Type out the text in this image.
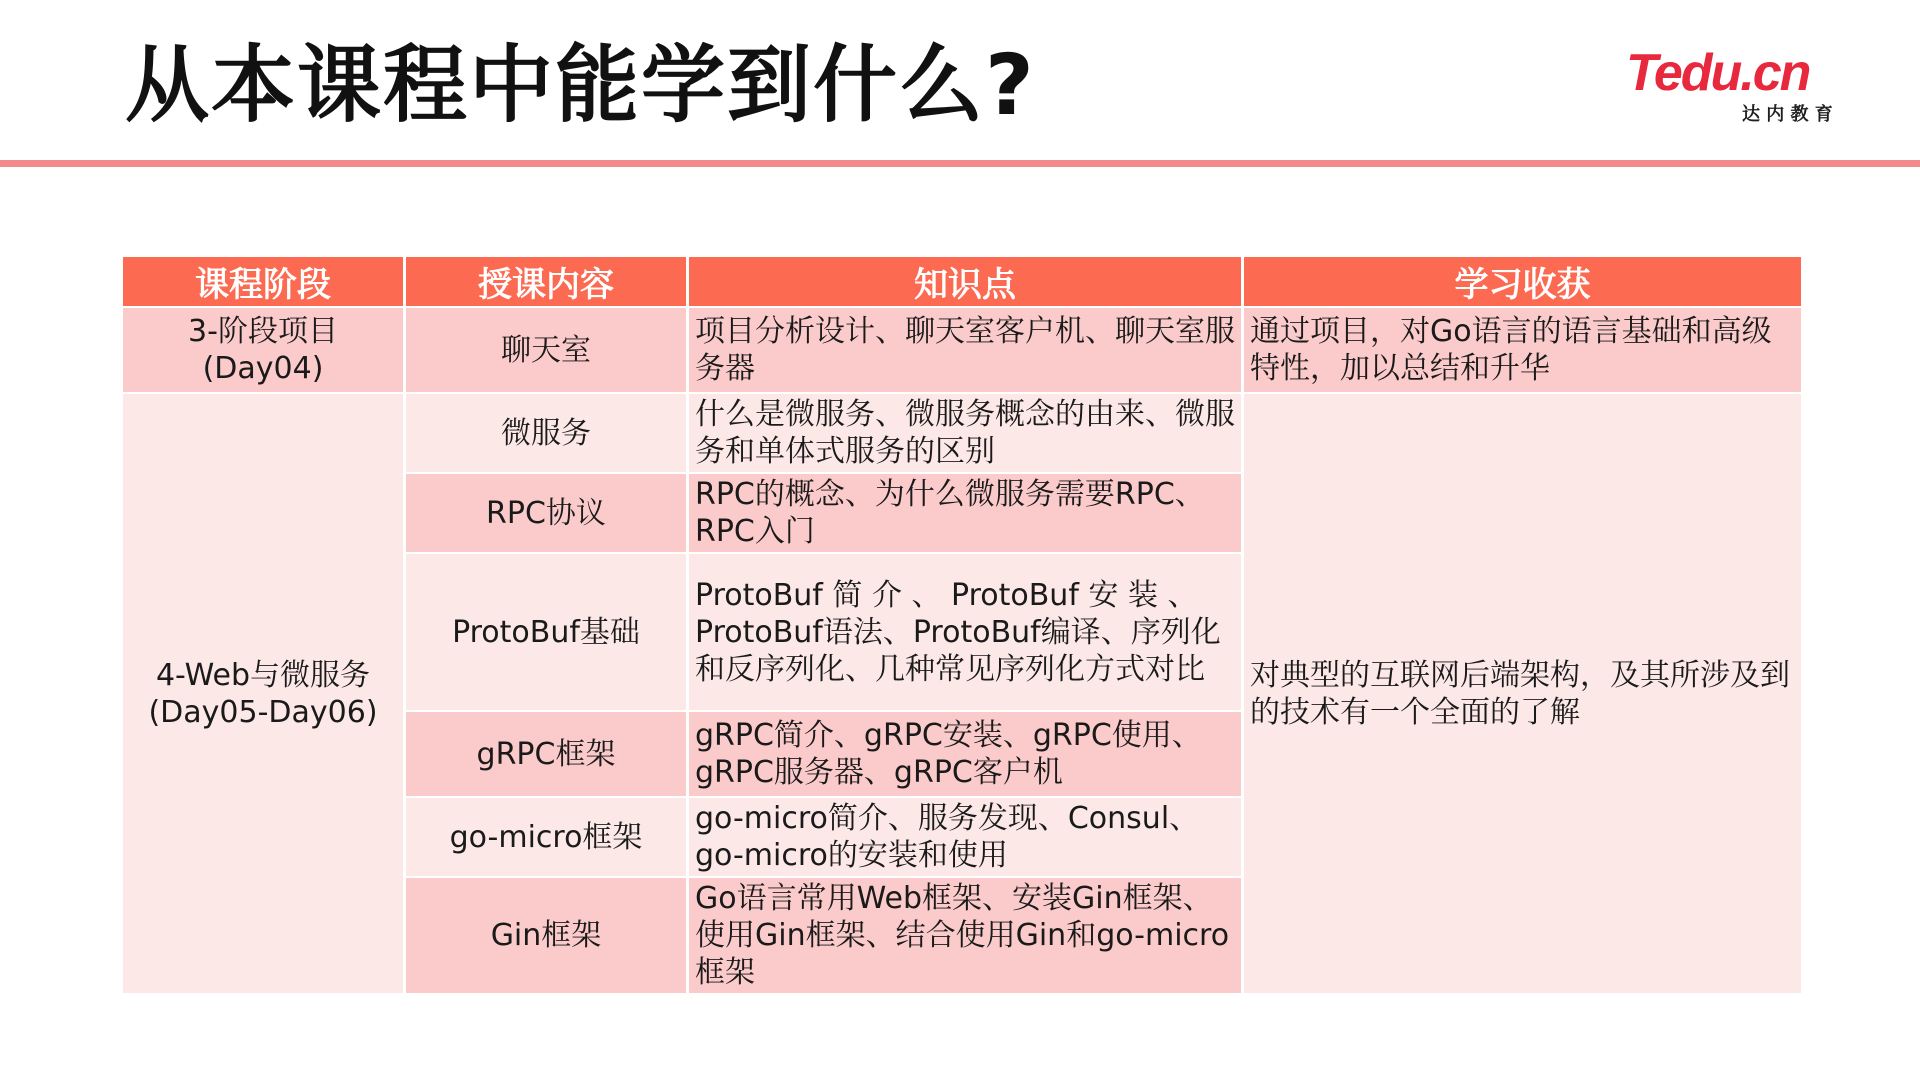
从本课程中能学到什么?	Tedu.cn
达 内 教 育
课程阶段	授课内容	知识点	学习收获

3-阶段项目
(Day04)	聊天室	项目分析设计、聊天室客户机、聊天室服务器	通过项目，对Go语言的语言基础和高级特性，加以总结和升华

4-Web与微服务
(Day05-Day06)	微服务	什么是微服务、微服务概念的由来、微服务和单体式服务的区别	对典型的互联网后端架构，及其所涉及到的技术有一个全面的了解
	RPC协议	RPC的概念、为什么微服务需要RPC、RPC入门	
	ProtoBuf基础	ProtoBuf 简 介 、 ProtoBuf 安 装 、ProtoBuf语法、ProtoBuf编译、序列化和反序列化、几种常见序列化方式对比	
	gRPC框架	gRPC简介、gRPC安装、gRPC使用、gRPC服务器、gRPC客户机	
	go-micro框架	go-micro简介、服务发现、Consul、go-micro的安装和使用	
	Gin框架	Go语言常用Web框架、安装Gin框架、使用Gin框架、结合使用Gin和go-micro框架	
